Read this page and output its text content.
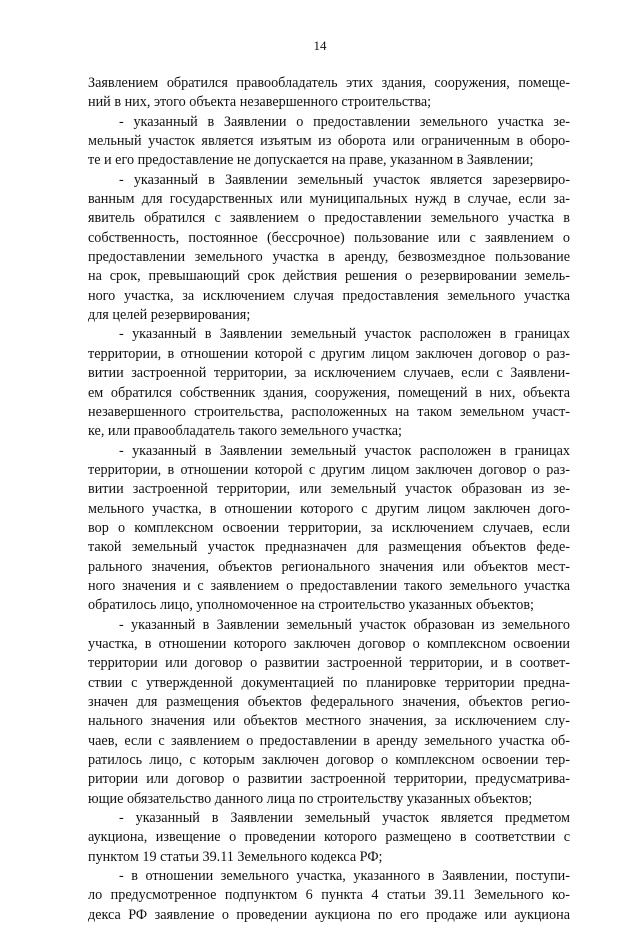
14
Заявлением обратился правообладатель этих здания, сооружения, помеще-
ний в них, этого объекта незавершенного строительства;
- указанный в Заявлении о предоставлении земельного участка зе-
мельный участок является изъятым из оборота или ограниченным в оборо-
те и его предоставление не допускается на праве, указанном в Заявлении;
- указанный в Заявлении земельный участок является зарезервиро-
ванным для государственных или муниципальных нужд в случае, если за-
явитель обратился с заявлением о предоставлении земельного участка в
собственность, постоянное (бессрочное) пользование или с заявлением о
предоставлении земельного участка в аренду, безвозмездное пользование
на срок, превышающий срок действия решения о резервировании земель-
ного участка, за исключением случая предоставления земельного участка
для целей резервирования;
- указанный в Заявлении земельный участок расположен в границах
территории, в отношении которой с другим лицом заключен договор о раз-
витии застроенной территории, за исключением случаев, если с Заявлени-
ем обратился собственник здания, сооружения, помещений в них, объекта
незавершенного строительства, расположенных на таком земельном участ-
ке, или правообладатель такого земельного участка;
- указанный в Заявлении земельный участок расположен в границах
территории, в отношении которой с другим лицом заключен договор о раз-
витии застроенной территории, или земельный участок образован из зе-
мельного участка, в отношении которого с другим лицом заключен дого-
вор о комплексном освоении территории, за исключением случаев, если
такой земельный участок предназначен для размещения объектов феде-
рального значения, объектов регионального значения или объектов мест-
ного значения и с заявлением о предоставлении такого земельного участка
обратилось лицо, уполномоченное на строительство указанных объектов;
- указанный в Заявлении земельный участок образован из земельного
участка, в отношении которого заключен договор о комплексном освоении
территории или договор о развитии застроенной территории, и в соответ-
ствии с утвержденной документацией по планировке территории предна-
значен для размещения объектов федерального значения, объектов регио-
нального значения или объектов местного значения, за исключением слу-
чаев, если с заявлением о предоставлении в аренду земельного участка об-
ратилось лицо, с которым заключен договор о комплексном освоении тер-
ритории или договор о развитии застроенной территории, предусматрива-
ющие обязательство данного лица по строительству указанных объектов;
- указанный в Заявлении земельный участок является предметом
аукциона, извещение о проведении которого размещено в соответствии с
пунктом 19 статьи 39.11 Земельного кодекса РФ;
- в отношении земельного участка, указанного в Заявлении, поступи-
ло предусмотренное подпунктом 6 пункта 4 статьи 39.11 Земельного ко-
декса РФ заявление о проведении аукциона по его продаже или аукциона
